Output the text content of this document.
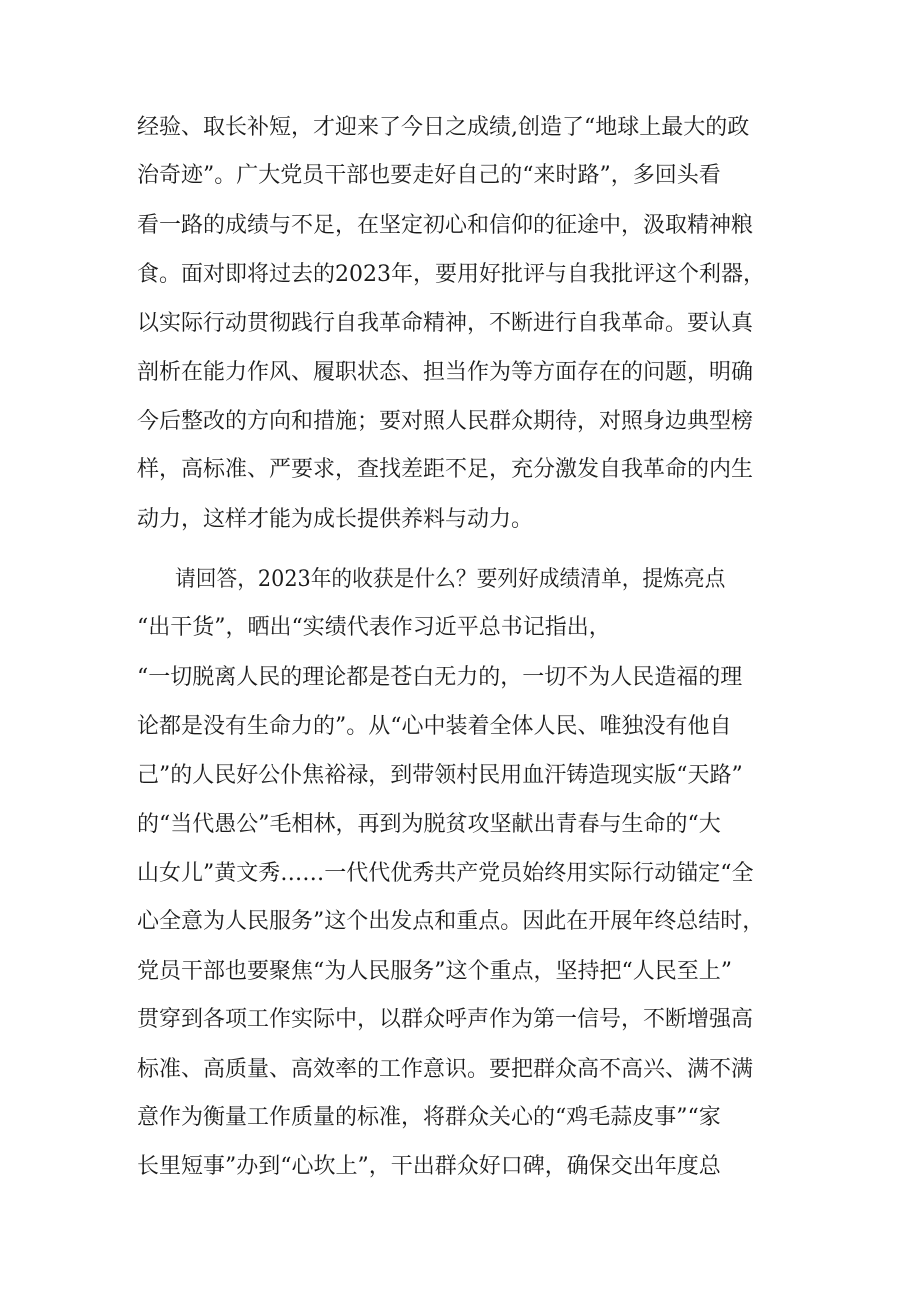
经验、取长补短，才迎来了今日之成绩,创造了“地球上最大的政
治奇迹”。广大党员干部也要走好自己的“来时路”，多回头看
看一路的成绩与不足，在坚定初心和信仰的征途中，汲取精神粮
食。面对即将过去的2023年，要用好批评与自我批评这个利器，
以实际行动贯彻践行自我革命精神，不断进行自我革命。要认真
剖析在能力作风、履职状态、担当作为等方面存在的问题，明确
今后整改的方向和措施；要对照人民群众期待，对照身边典型榜
样，高标准、严要求，查找差距不足，充分激发自我革命的内生
动力，这样才能为成长提供养料与动力。
请回答，2023年的收获是什么？要列好成绩清单，提炼亮点
“出干货”，晒出“实绩代表作习近平总书记指出，
“一切脱离人民的理论都是苍白无力的，一切不为人民造福的理
论都是没有生命力的”。从“心中装着全体人民、唯独没有他自
己”的人民好公仆焦裕禄，到带领村民用血汗铸造现实版“天路”
的“当代愚公”毛相林，再到为脱贫攻坚献出青春与生命的“大
山女儿”黄文秀……一代代优秀共产党员始终用实际行动锚定“全
心全意为人民服务”这个出发点和重点。因此在开展年终总结时，
党员干部也要聚焦“为人民服务”这个重点，坚持把“人民至上”
贯穿到各项工作实际中，以群众呼声作为第一信号，不断增强高
标准、高质量、高效率的工作意识。要把群众高不高兴、满不满
意作为衡量工作质量的标准，将群众关心的“鸡毛蒜皮事”“家
长里短事”办到“心坎上”，干出群众好口碑，确保交出年度总
